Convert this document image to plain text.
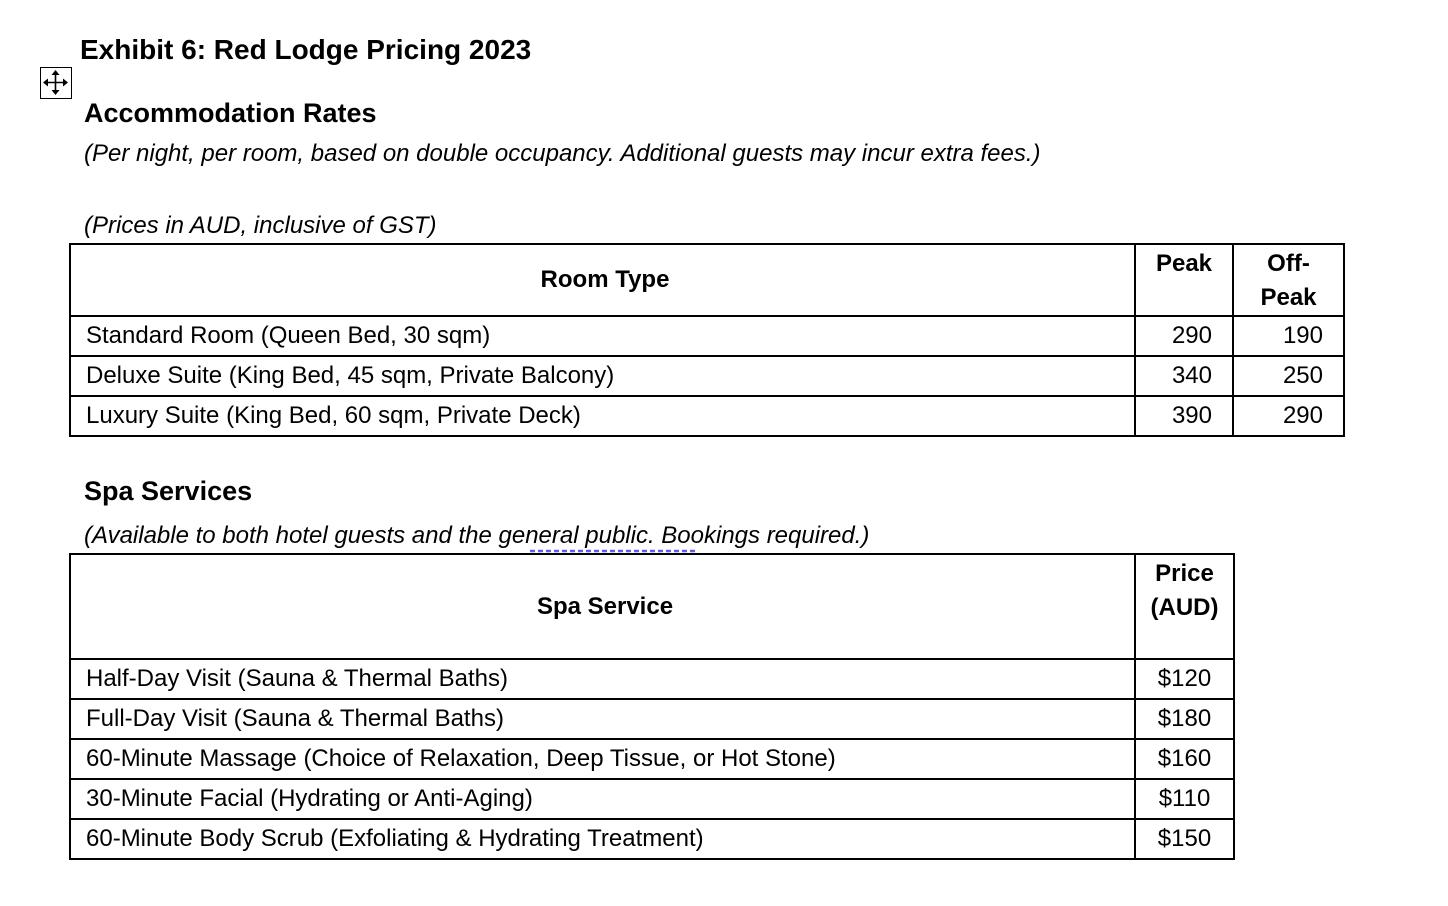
Exhibit 6: Red Lodge Pricing 2023
Accommodation Rates

(Per night, per room, based on double occupancy. Additional guests may incur extra fees.)

(Prices in AUD, inclusive of GST)

Room Type	Peak	Off-Peak
Standard Room (Queen Bed, 30 sqm)	290	190
Deluxe Suite (King Bed, 45 sqm, Private Balcony)	340	250
Luxury Suite (King Bed, 60 sqm, Private Deck)	390	290
Spa Services

(Available to both hotel guests and the general public. Bookings required.)

Spa Service	Price (AUD)
Half-Day Visit (Sauna & Thermal Baths)	$120
Full-Day Visit (Sauna & Thermal Baths)	$180
60-Minute Massage (Choice of Relaxation, Deep Tissue, or Hot Stone)	$160
30-Minute Facial (Hydrating or Anti-Aging)	$110
60-Minute Body Scrub (Exfoliating & Hydrating Treatment)	$150
